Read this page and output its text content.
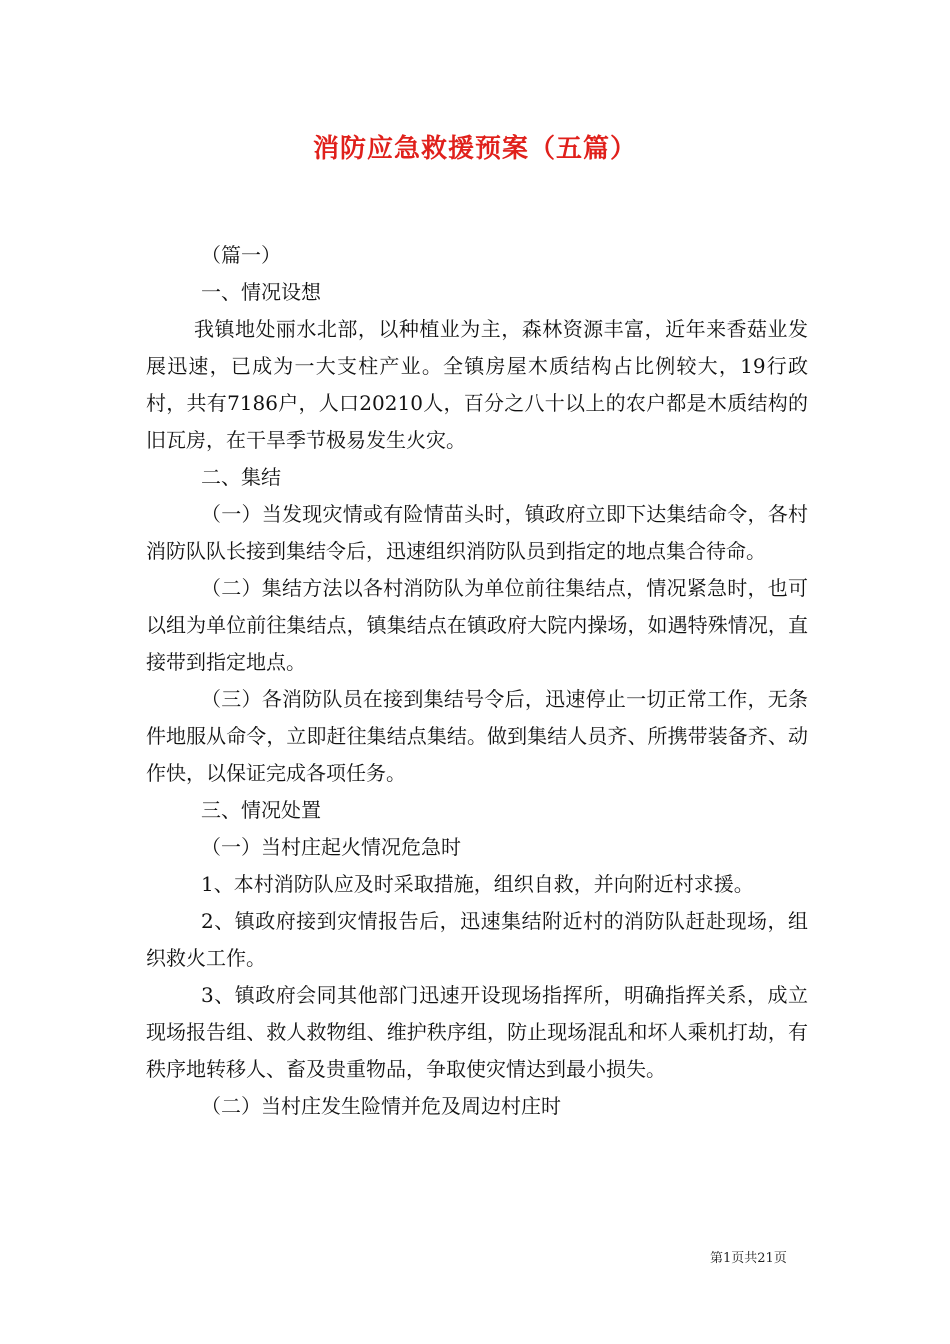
消防应急救援预案（五篇）

（篇一）

一、情况设想

我镇地处丽水北部，以种植业为主，森林资源丰富，近年来香菇业发展迅速，已成为一大支柱产业。全镇房屋木质结构占比例较大，19行政村，共有7186户，人口20210人，百分之八十以上的农户都是木质结构的旧瓦房，在干旱季节极易发生火灾。

二、集结

（一）当发现灾情或有险情苗头时，镇政府立即下达集结命令，各村消防队队长接到集结令后，迅速组织消防队员到指定的地点集合待命。

（二）集结方法以各村消防队为单位前往集结点，情况紧急时，也可以组为单位前往集结点，镇集结点在镇政府大院内操场，如遇特殊情况，直接带到指定地点。

（三）各消防队员在接到集结号令后，迅速停止一切正常工作，无条件地服从命令，立即赶往集结点集结。做到集结人员齐、所携带装备齐、动作快，以保证完成各项任务。

三、情况处置

（一）当村庄起火情况危急时

1、本村消防队应及时采取措施，组织自救，并向附近村求援。

2、镇政府接到灾情报告后，迅速集结附近村的消防队赶赴现场，组织救火工作。

3、镇政府会同其他部门迅速开设现场指挥所，明确指挥关系，成立现场报告组、救人救物组、维护秩序组，防止现场混乱和坏人乘机打劫，有秩序地转移人、畜及贵重物品，争取使灾情达到最小损失。

（二）当村庄发生险情并危及周边村庄时

第1页共21页
